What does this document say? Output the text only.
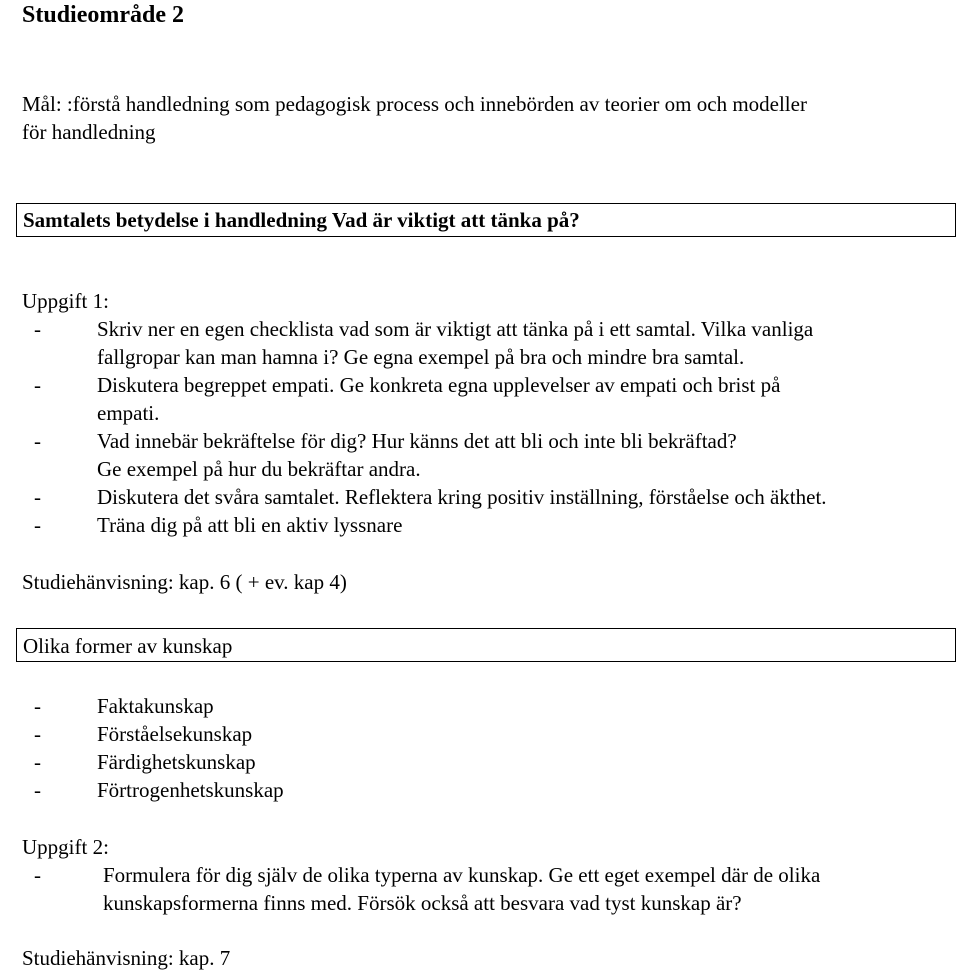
Studieområde 2
Mål: :förstå handledning som pedagogisk process och innebörden av teorier om och modeller
för handledning
Samtalets betydelse i handledning Vad är viktigt att tänka på?
Uppgift 1:
-	Skriv ner en egen checklista vad som är viktigt att tänka på i ett samtal. Vilka vanliga
fallgropar kan man hamna i? Ge egna exempel på bra och mindre bra samtal.
-	Diskutera begreppet empati. Ge konkreta egna upplevelser av empati och brist på
empati.
-	Vad innebär bekräftelse för dig? Hur känns det att bli och inte bli bekräftad?
Ge exempel på hur du bekräftar andra.
-	Diskutera det svåra samtalet. Reflektera kring positiv inställning, förståelse och äkthet.
-	Träna dig på att bli en aktiv lyssnare
Studiehänvisning: kap. 6 ( + ev. kap 4)
Olika former av kunskap
-	Faktakunskap
-	Förståelsekunskap
-	Färdighetskunskap
-	Förtrogenhetskunskap
Uppgift 2:
-	Formulera för dig själv de olika typerna av kunskap. Ge ett eget exempel där de olika
kunskapsformerna finns med. Försök också att besvara vad tyst kunskap är?
Studiehänvisning: kap. 7
